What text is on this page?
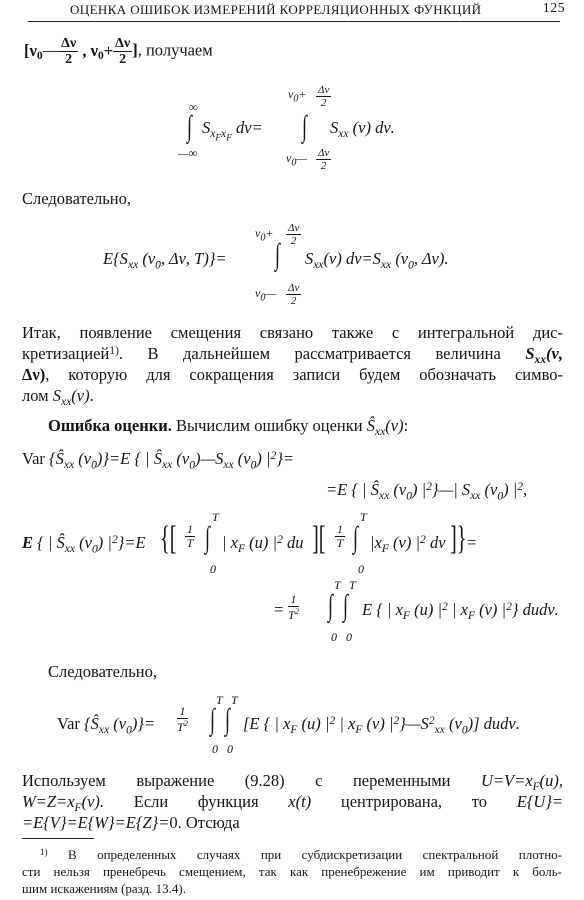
ОЦЕНКА ОШИБОК ИЗМЕРЕНИЙ КОРРЕЛЯЦИОННЫХ ФУНКЦИЙ	125
[$\nu_0— \frac{\Delta\nu}{2}$ , $\nu_0+ \frac{\Delta\nu}{2}$ ], получаем
∞
∫
—∞
$S_{x_Fx_F}$ dν=
$\nu_0+ \frac{\Delta\nu}{2}$
∫
$\nu_0— \frac{\Delta\nu}{2}$
$S_{xx}$ (ν) dν.
Следовательно,
$\nu_0+ \frac{\Delta\nu}{2}$
∫
$\nu_0— \frac{\Delta\nu}{2}$
$E\{S_{xx}$ ($\nu_0$, Δν, T)}=	$S_{xx}(\nu)$ $d\nu=S_{xx}$ ($\nu_0$, Δν).
Итак, появление смещения связано также с интегральной дис-
кретизацией$^{1)}$. В дальнейшем рассматривается величина $S_{xx}(\nu$,
Δν), которую для сокращения записи будем обозначать симво-
лом $S_{xx}(\nu)$.
Ошибка оценки. Вычислим ошибку оценки $Ŝ_{xx}(\nu)$:
Var {$Ŝ_{xx}$ $(\nu_0)\}=E$ { | $Ŝ_{xx}$ $(\nu_0)—S_{xx}$ $(\nu_0)$ $|^2\}=$
=E { | $Ŝ_{xx}$ $(\nu_0)$ $|^2\}—|$ $S_{xx}$ $(\nu_0)$ $|^2$,
E { | $Ŝ_{xx}$ $(\nu_0)$ $|^2\}=E$ {[ $\frac{1}{T}$
T
∫
0
| $x_F$ (u) $|^2$ du ][ $\frac{1}{T}$
T
∫
0
$|x_F$ (ν) $|^2$ dν ]} =
= $\frac{1}{T^2}$
T T
∫ ∫
0 0
E { | $x_F$ (u) $|^2$ | $x_F$ (ν) $|^2$} dudν.
Следовательно,
Var {$Ŝ_{xx}$ $(\nu_0)\}= \frac{1}{T^2}$
T T
∫ ∫
0 0
[E { | $x_F$ (u) $|^2$ | $x_F$ (ν) $|^2\}—S^2_{xx}$ $(\nu_0)$] dudν.
Используем выражение (9.28) с переменными $U=V=x_F(u)$,
$W=Z=x_F(\nu)$. Если функция x(t) центрирована, то E{U}=
=E{V}=E{W}=E{Z}=0. Отсюда
$^{1)}$ В определенных случаях при субдискретизации спектральной плотно-
сти нельзя пренебречь смещением, так как пренебрежение им приводит к боль-
шим искажениям (разд. 13.4).
